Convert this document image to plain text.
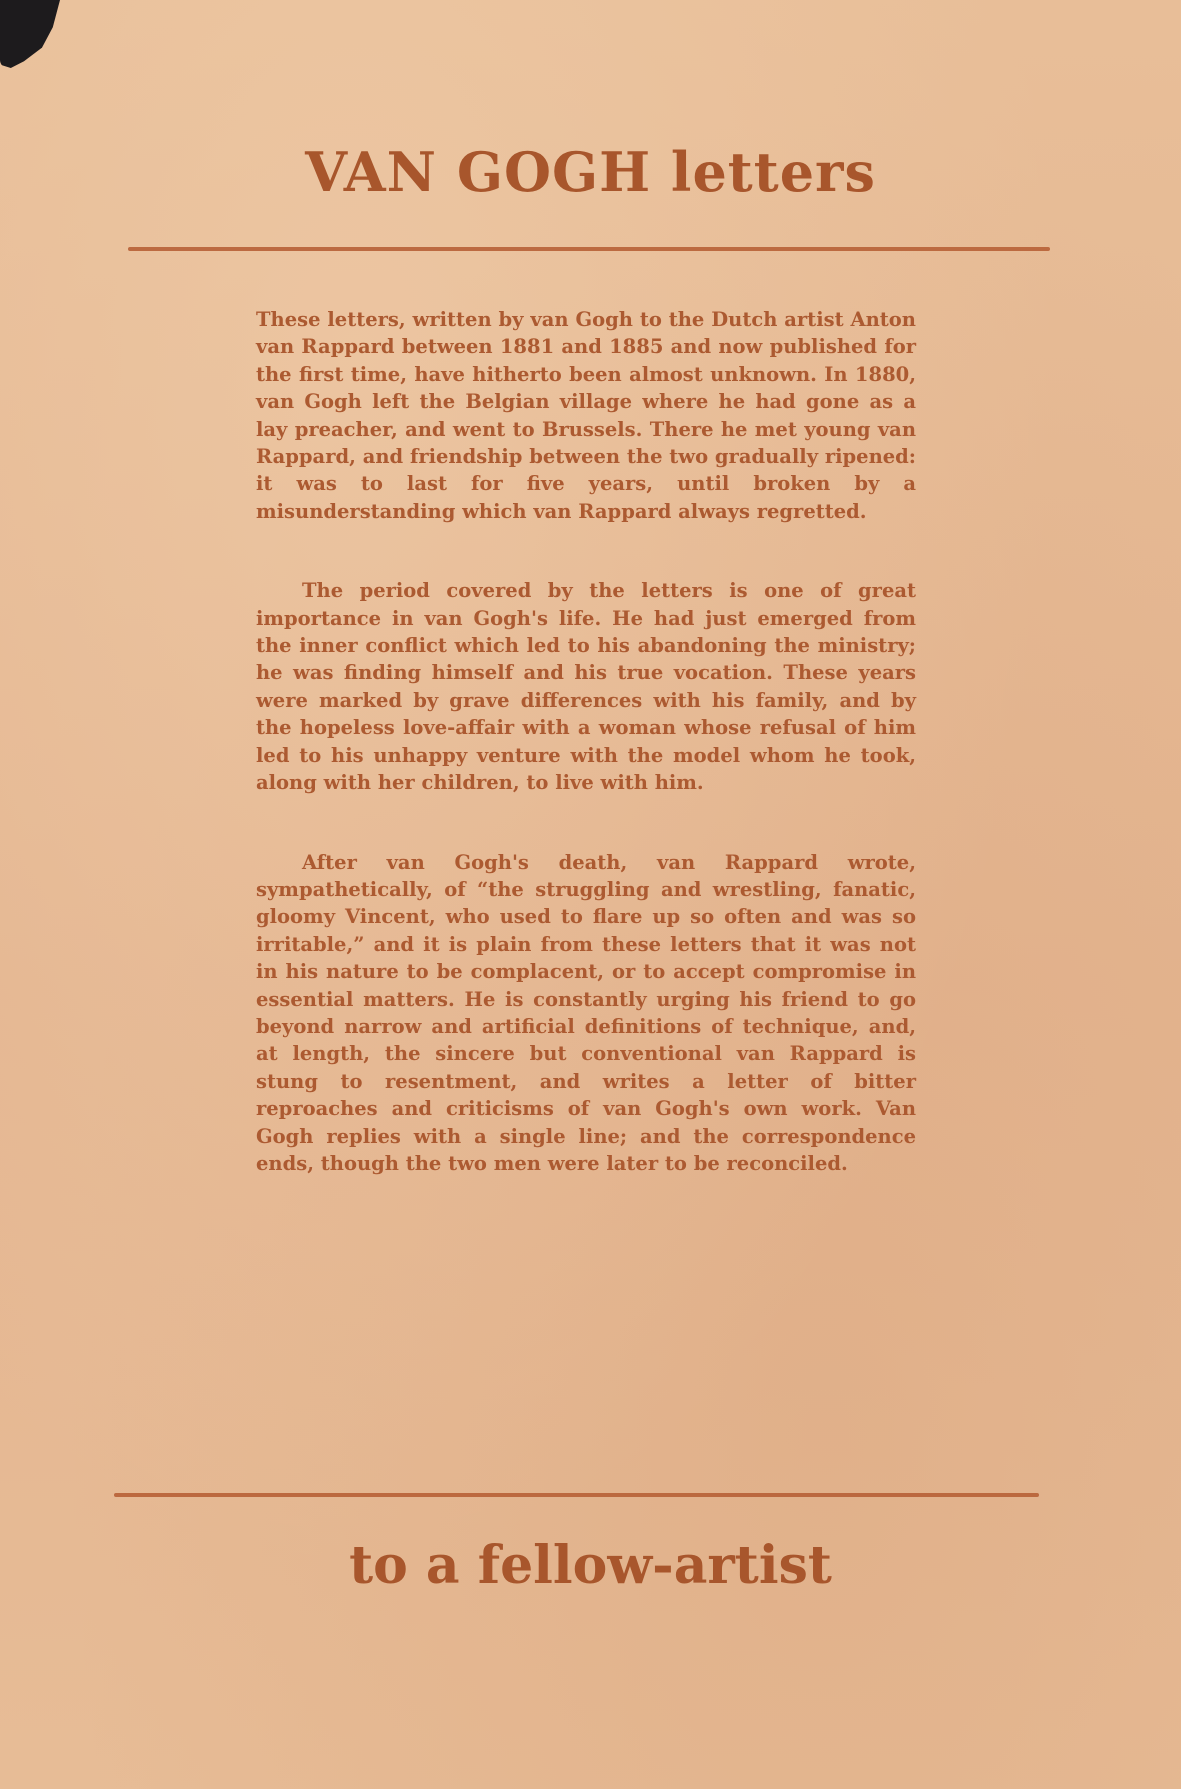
VAN GOGH letters

These letters, written by van Gogh to the Dutch artist Anton van Rappard between 1881 and 1885 and now published for the first time, have hitherto been almost unknown. In 1880, van Gogh left the Belgian village where he had gone as a lay preacher, and went to Brussels. There he met young van Rappard, and friendship between the two gradually ripened: it was to last for five years, until broken by a misunderstanding which van Rappard always regretted.

The period covered by the letters is one of great importance in van Gogh's life. He had just emerged from the inner conflict which led to his abandoning the ministry; he was finding himself and his true vocation. These years were marked by grave differences with his family, and by the hopeless love-affair with a woman whose refusal of him led to his unhappy venture with the model whom he took, along with her children, to live with him.

After van Gogh's death, van Rappard wrote, sympathetically, of “the struggling and wrestling, fanatic, gloomy Vincent, who used to flare up so often and was so irritable,” and it is plain from these letters that it was not in his nature to be complacent, or to accept compromise in essential matters. He is constantly urging his friend to go beyond narrow and artificial definitions of technique, and, at length, the sincere but conventional van Rappard is stung to resentment, and writes a letter of bitter reproaches and criticisms of van Gogh's own work. Van Gogh replies with a single line; and the correspondence ends, though the two men were later to be reconciled.

to a fellow-artist
